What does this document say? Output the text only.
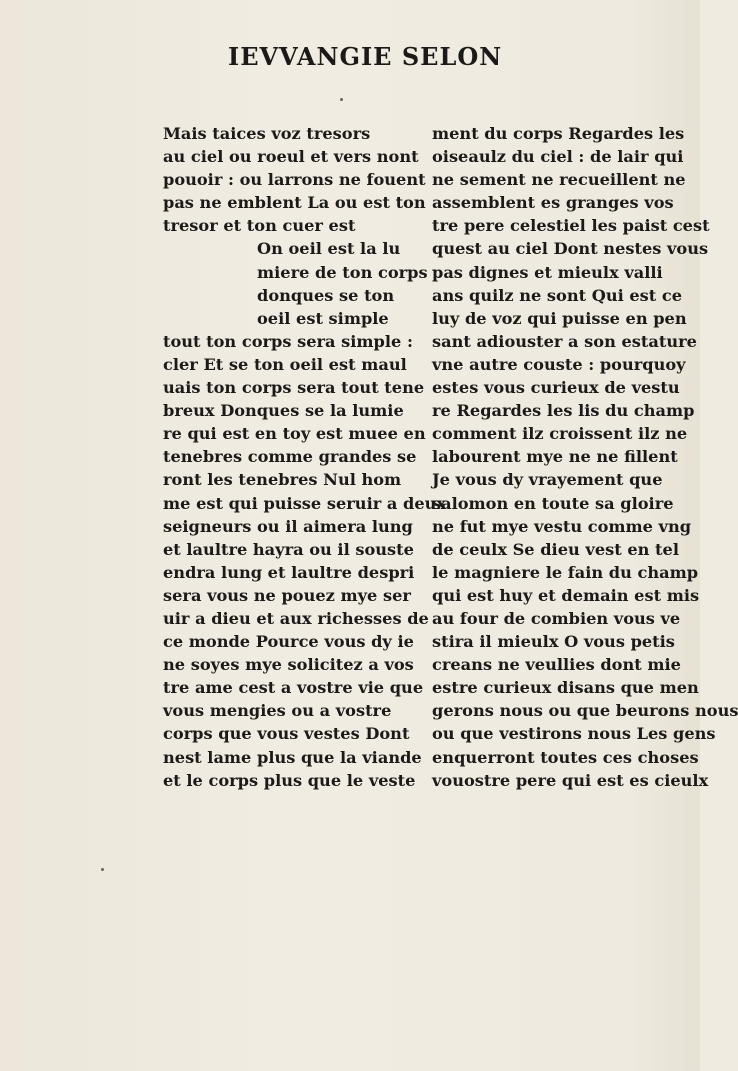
IEVVANGIE SELON
Mais taices voz tresors
au ciel ou roeul et vers nont
pouoir : ou larrons ne fouent
pas ne emblent La ou est ton
tresor et ton cuer est
On oeil est la lu
miere de ton corps
donques se ton
oeil est simple
tout ton corps sera simple :
cler Et se ton oeil est maul
uais ton corps sera tout tene
breux Donques se la lumie
re qui est en toy est muee en
tenebres comme grandes se
ront les tenebres Nul hom
me est qui puisse seruir a deux
seigneurs ou il aimera lung
et laultre hayra ou il souste
endra lung et laultre despri
sera vous ne pouez mye ser
uir a dieu et aux richesses de
ce monde Pource vous dy ie
ne soyes mye solicitez a vos
tre ame cest a vostre vie que
vous mengies ou a vostre
corps que vous vestes Dont
nest lame plus que la viande
et le corps plus que le veste
ment du corps Regardes les
oiseaulz du ciel : de lair qui
ne sement ne recueillent ne
assemblent es granges vos
tre pere celestiel les paist cest
quest au ciel Dont nestes vous
pas dignes et mieulx valli
ans quilz ne sont Qui est ce
luy de voz qui puisse en pen
sant adiouster a son estature
vne autre couste : pourquoy
estes vous curieux de vestu
re Regardes les lis du champ
comment ilz croissent ilz ne
labourent mye ne ne fillent
Je vous dy vrayement que
salomon en toute sa gloire
ne fut mye vestu comme vng
de ceulx Se dieu vest en tel
le magniere le fain du champ
qui est huy et demain est mis
au four de combien vous ve
stira il mieulx O vous petis
creans ne veullies dont mie
estre curieux disans que men
gerons nous ou que beurons nous
ou que vestirons nous Les gens
enquerront toutes ces choses
vouostre pere qui est es cieulx
